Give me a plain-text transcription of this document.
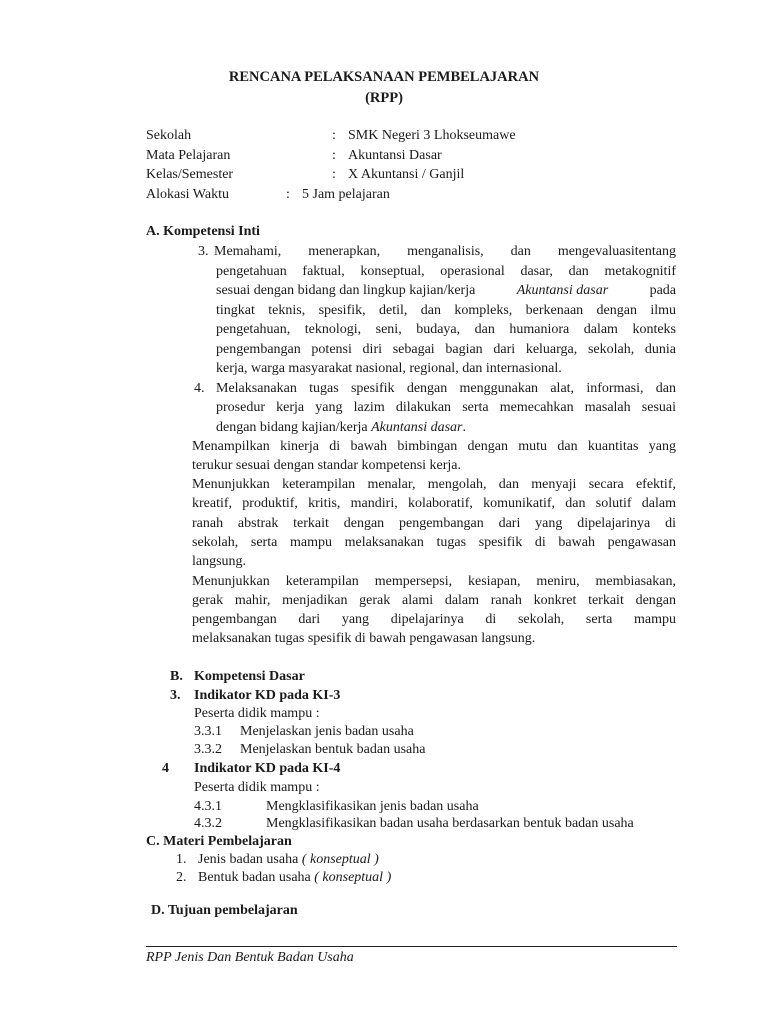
RENCANA PELAKSANAAN PEMBELAJARAN
(RPP)
Sekolah	: SMK Negeri 3 Lhokseumawe
Mata Pelajaran	: Akuntansi Dasar
Kelas/Semester	: X Akuntansi / Ganjil
Alokasi Waktu	: 5 Jam pelajaran
A. Kompetensi Inti
3. Memahami, menerapkan, menganalisis, dan mengevaluasitentang
pengetahuan faktual, konseptual, operasional dasar, dan metakognitif
sesuai dengan bidang dan lingkup kajian/kerja	Akuntansi dasar	pada
tingkat teknis, spesifik, detil, dan kompleks, berkenaan dengan ilmu
pengetahuan, teknologi, seni, budaya, dan humaniora dalam konteks
pengembangan potensi diri sebagai bagian dari keluarga, sekolah, dunia
kerja, warga masyarakat nasional, regional, dan internasional.
4. Melaksanakan tugas spesifik dengan menggunakan alat, informasi, dan
prosedur kerja yang lazim dilakukan serta memecahkan masalah sesuai
dengan bidang kajian/kerja Akuntansi dasar.
Menampilkan kinerja di bawah bimbingan dengan mutu dan kuantitas yang
terukur sesuai dengan standar kompetensi kerja.
Menunjukkan keterampilan menalar, mengolah, dan menyaji secara efektif,
kreatif, produktif, kritis, mandiri, kolaboratif, komunikatif, dan solutif dalam
ranah abstrak terkait dengan pengembangan dari yang dipelajarinya di
sekolah, serta mampu melaksanakan tugas spesifik di bawah pengawasan
langsung.
Menunjukkan keterampilan mempersepsi, kesiapan, meniru, membiasakan,
gerak mahir, menjadikan gerak alami dalam ranah konkret terkait dengan
pengembangan dari yang dipelajarinya di sekolah, serta mampu
melaksanakan tugas spesifik di bawah pengawasan langsung.
B. Kompetensi Dasar
3. Indikator KD pada KI-3
Peserta didik mampu :
3.3.1 Menjelaskan jenis badan usaha
3.3.2 Menjelaskan bentuk badan usaha
4 Indikator KD pada KI-4
Peserta didik mampu :
4.3.1	Mengklasifikasikan jenis badan usaha
4.3.2	Mengklasifikasikan badan usaha berdasarkan bentuk badan usaha
C. Materi Pembelajaran
1. Jenis badan usaha ( konseptual )
2. Bentuk badan usaha ( konseptual )
D. Tujuan pembelajaran
RPP Jenis Dan Bentuk Badan Usaha
